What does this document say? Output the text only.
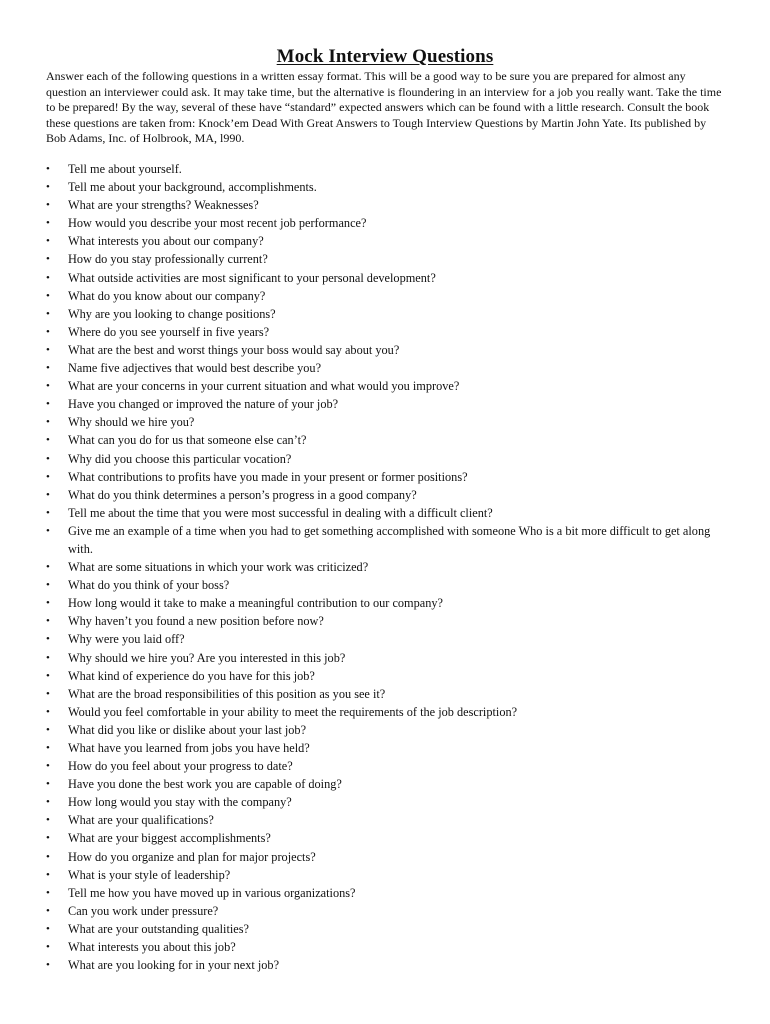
Mock Interview Questions

Answer each of the following questions in a written essay format. This will be a good way to be sure you are prepared for almost any question an interviewer could ask. It may take time, but the alternative is floundering in an interview for a job you really want. Take the time to be prepared! By the way, several of these have “standard” expected answers which can be found with a little research. Consult the book these questions are taken from: Knock’em Dead With Great Answers to Tough Interview Questions by Martin John Yate. Its published by Bob Adams, Inc. of Holbrook, MA, l990.

• Tell me about yourself.
• Tell me about your background, accomplishments.
• What are your strengths? Weaknesses?
• How would you describe your most recent job performance?
• What interests you about our company?
• How do you stay professionally current?
• What outside activities are most significant to your personal development?
• What do you know about our company?
• Why are you looking to change positions?
• Where do you see yourself in five years?
• What are the best and worst things your boss would say about you?
• Name five adjectives that would best describe you?
• What are your concerns in your current situation and what would you improve?
• Have you changed or improved the nature of your job?
• Why should we hire you?
• What can you do for us that someone else can’t?
• Why did you choose this particular vocation?
• What contributions to profits have you made in your present or former positions?
• What do you think determines a person’s progress in a good company?
• Tell me about the time that you were most successful in dealing with a difficult client?
• Give me an example of a time when you had to get something accomplished with someone Who is a bit more difficult to get along with.
• What are some situations in which your work was criticized?
• What do you think of your boss?
• How long would it take to make a meaningful contribution to our company?
• Why haven’t you found a new position before now?
• Why were you laid off?
• Why should we hire you? Are you interested in this job?
• What kind of experience do you have for this job?
• What are the broad responsibilities of this position as you see it?
• Would you feel comfortable in your ability to meet the requirements of the job description?
• What did you like or dislike about your last job?
• What have you learned from jobs you have held?
• How do you feel about your progress to date?
• Have you done the best work you are capable of doing?
• How long would you stay with the company?
• What are your qualifications?
• What are your biggest accomplishments?
• How do you organize and plan for major projects?
• What is your style of leadership?
• Tell me how you have moved up in various organizations?
• Can you work under pressure?
• What are your outstanding qualities?
• What interests you about this job?
• What are you looking for in your next job?
